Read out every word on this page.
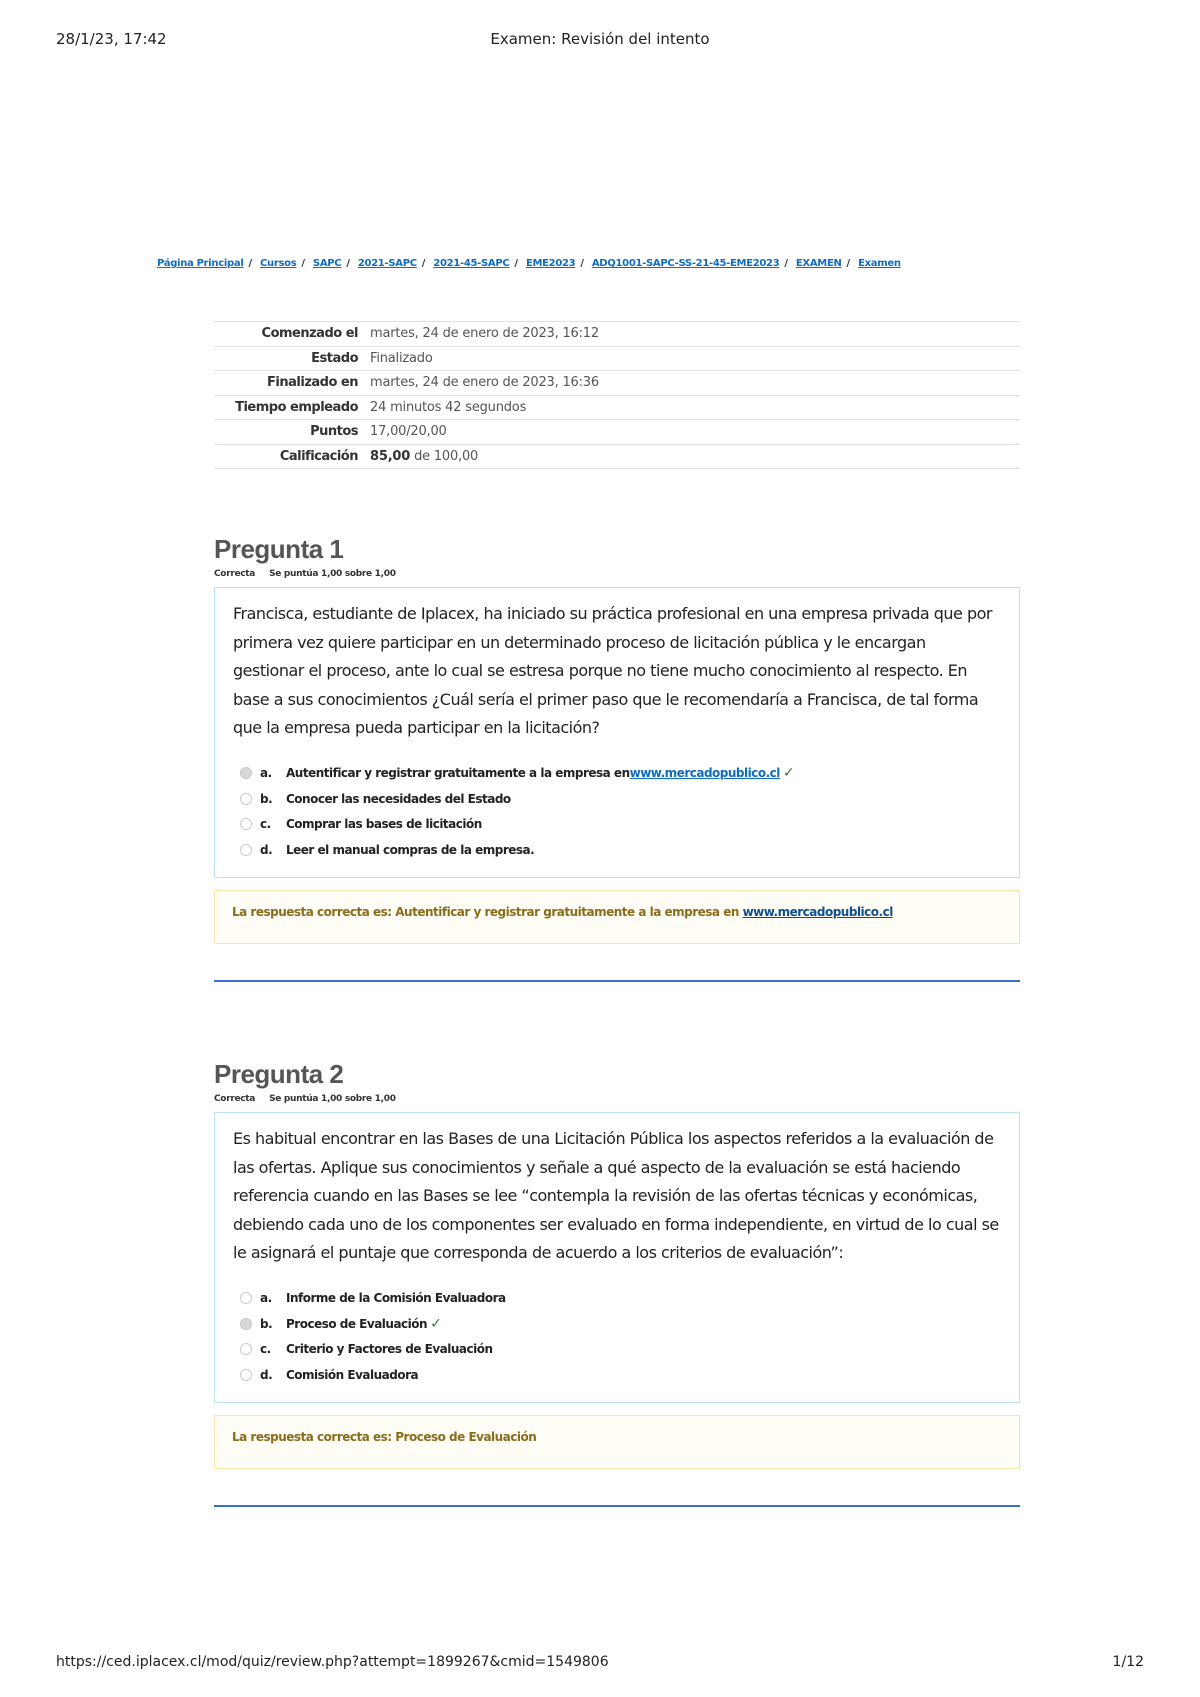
28/1/23, 17:42	Examen: Revisión del intento
Página Principal / Cursos / SAPC / 2021-SAPC / 2021-45-SAPC / EME2023 / ADQ1001-SAPC-SS-21-45-EME2023 / EXAMEN / Examen
Comenzado el	martes, 24 de enero de 2023, 16:12
Estado	Finalizado
Finalizado en	martes, 24 de enero de 2023, 16:36
Tiempo empleado	24 minutos 42 segundos
Puntos	17,00/20,00
Calificación	85,00 de 100,00
Pregunta 1
Correcta Se puntúa 1,00 sobre 1,00
Francisca, estudiante de Iplacex, ha iniciado su práctica profesional en una empresa privada que por primera vez quiere participar en un determinado proceso de licitación pública y le encargan gestionar el proceso, ante lo cual se estresa porque no tiene mucho conocimiento al respecto. En base a sus conocimientos ¿Cuál sería el primer paso que le recomendaría a Francisca, de tal forma que la empresa pueda participar en la licitación?
a.	Autentificar y registrar gratuitamente a la empresa en www.mercadopublico.cl ✓
b.	Conocer las necesidades del Estado
c.	Comprar las bases de licitación
d.	Leer el manual compras de la empresa.
La respuesta correcta es: Autentificar y registrar gratuitamente a la empresa en www.mercadopublico.cl
Pregunta 2
Correcta Se puntúa 1,00 sobre 1,00
Es habitual encontrar en las Bases de una Licitación Pública los aspectos referidos a la evaluación de las ofertas. Aplique sus conocimientos y señale a qué aspecto de la evaluación se está haciendo referencia cuando en las Bases se lee “contempla la revisión de las ofertas técnicas y económicas, debiendo cada uno de los componentes ser evaluado en forma independiente, en virtud de lo cual se le asignará el puntaje que corresponda de acuerdo a los criterios de evaluación”:
a.	Informe de la Comisión Evaluadora
b.	Proceso de Evaluación ✓
c.	Criterio y Factores de Evaluación
d.	Comisión Evaluadora
La respuesta correcta es: Proceso de Evaluación
https://ced.iplacex.cl/mod/quiz/review.php?attempt=1899267&cmid=1549806	1/12
